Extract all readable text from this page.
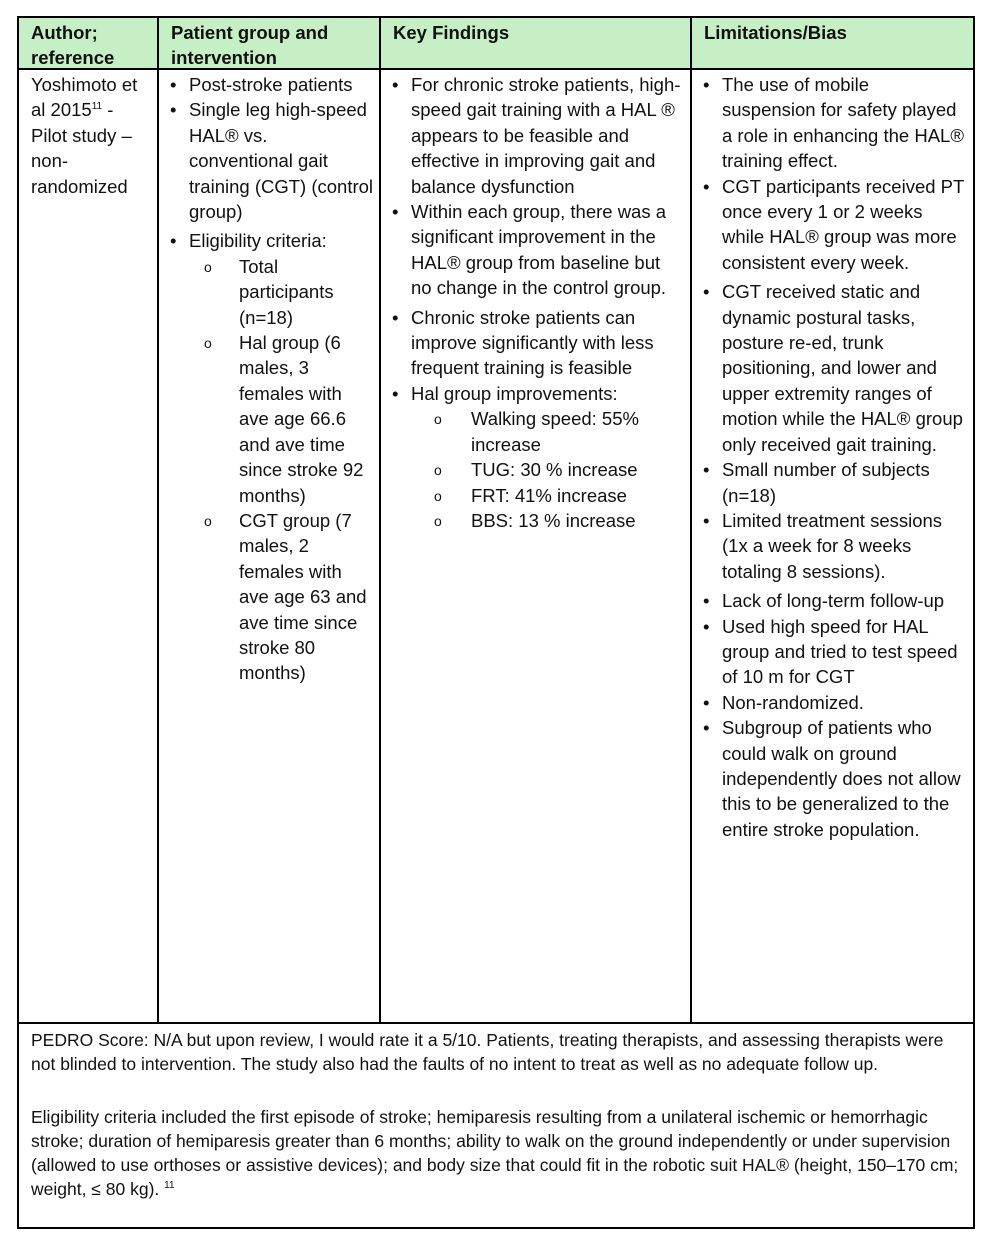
Author; reference
Patient group and intervention
Key Findings	Limitations/Bias
Yoshimoto et al 2015$^{11}$ - Pilot study – non-randomized
• Post-stroke patients
• Single leg high-speed HAL® vs. conventional gait training (CGT) (control group)
• Eligibility criteria:
o Total participants (n=18)
o Hal group (6 males, 3 females with ave age 66.6 and ave time since stroke 92 months)
o CGT group (7 males, 2 females with ave age 63 and ave time since stroke 80 months)
• For chronic stroke patients, high-speed gait training with a HAL ® appears to be feasible and effective in improving gait and balance dysfunction
• Within each group, there was a significant improvement in the HAL® group from baseline but no change in the control group.
• Chronic stroke patients can improve significantly with less frequent training is feasible
• Hal group improvements:
o Walking speed: 55% increase
o TUG: 30 % increase
o FRT: 41% increase
o BBS: 13 % increase
• The use of mobile suspension for safety played a role in enhancing the HAL® training effect.
• CGT participants received PT once every 1 or 2 weeks while HAL® group was more consistent every week.
• CGT received static and dynamic postural tasks, posture re-ed, trunk positioning, and lower and upper extremity ranges of motion while the HAL® group only received gait training.
• Small number of subjects (n=18)
• Limited treatment sessions (1x a week for 8 weeks totaling 8 sessions).
• Lack of long-term follow-up
• Used high speed for HAL group and tried to test speed of 10 m for CGT
• Non-randomized.
• Subgroup of patients who could walk on ground independently does not allow this to be generalized to the entire stroke population.

PEDRO Score: N/A but upon review, I would rate it a 5/10. Patients, treating therapists, and assessing therapists were not blinded to intervention. The study also had the faults of no intent to treat as well as no adequate follow up.

Eligibility criteria included the first episode of stroke; hemiparesis resulting from a unilateral ischemic or hemorrhagic stroke; duration of hemiparesis greater than 6 months; ability to walk on the ground independently or under supervision (allowed to use orthoses or assistive devices); and body size that could fit in the robotic suit HAL® (height, 150–170 cm; weight, ≤ 80 kg). $^{11}$
